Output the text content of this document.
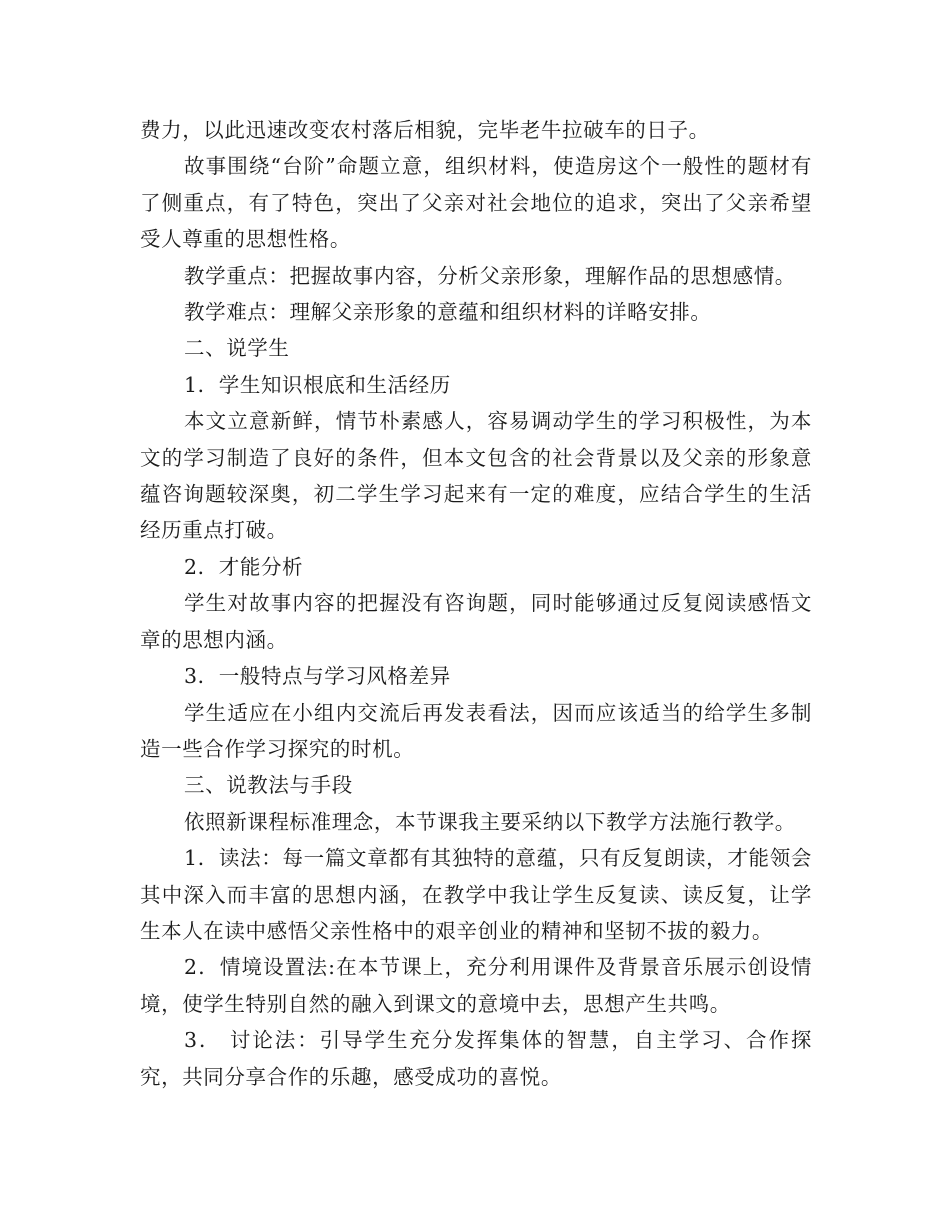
费力，以此迅速改变农村落后相貌，完毕老牛拉破车的日子。

故事围绕“台阶”命题立意，组织材料，使造房这个一般性的题材有了侧重点，有了特色，突出了父亲对社会地位的追求，突出了父亲希望受人尊重的思想性格。

教学重点：把握故事内容，分析父亲形象，理解作品的思想感情。

教学难点：理解父亲形象的意蕴和组织材料的详略安排。

二、说学生

1．学生知识根底和生活经历

本文立意新鲜，情节朴素感人，容易调动学生的学习积极性，为本文的学习制造了良好的条件，但本文包含的社会背景以及父亲的形象意蕴咨询题较深奥，初二学生学习起来有一定的难度，应结合学生的生活经历重点打破。

2．才能分析

学生对故事内容的把握没有咨询题，同时能够通过反复阅读感悟文章的思想内涵。

3．一般特点与学习风格差异

学生适应在小组内交流后再发表看法，因而应该适当的给学生多制造一些合作学习探究的时机。

三、说教法与手段

依照新课程标准理念，本节课我主要采纳以下教学方法施行教学。

1．读法：每一篇文章都有其独特的意蕴，只有反复朗读，才能领会其中深入而丰富的思想内涵，在教学中我让学生反复读、读反复，让学生本人在读中感悟父亲性格中的艰辛创业的精神和坚韧不拔的毅力。

2．情境设置法:在本节课上，充分利用课件及背景音乐展示创设情境，使学生特别自然的融入到课文的意境中去，思想产生共鸣。

3． 讨论法：引导学生充分发挥集体的智慧，自主学习、合作探究，共同分享合作的乐趣，感受成功的喜悦。
